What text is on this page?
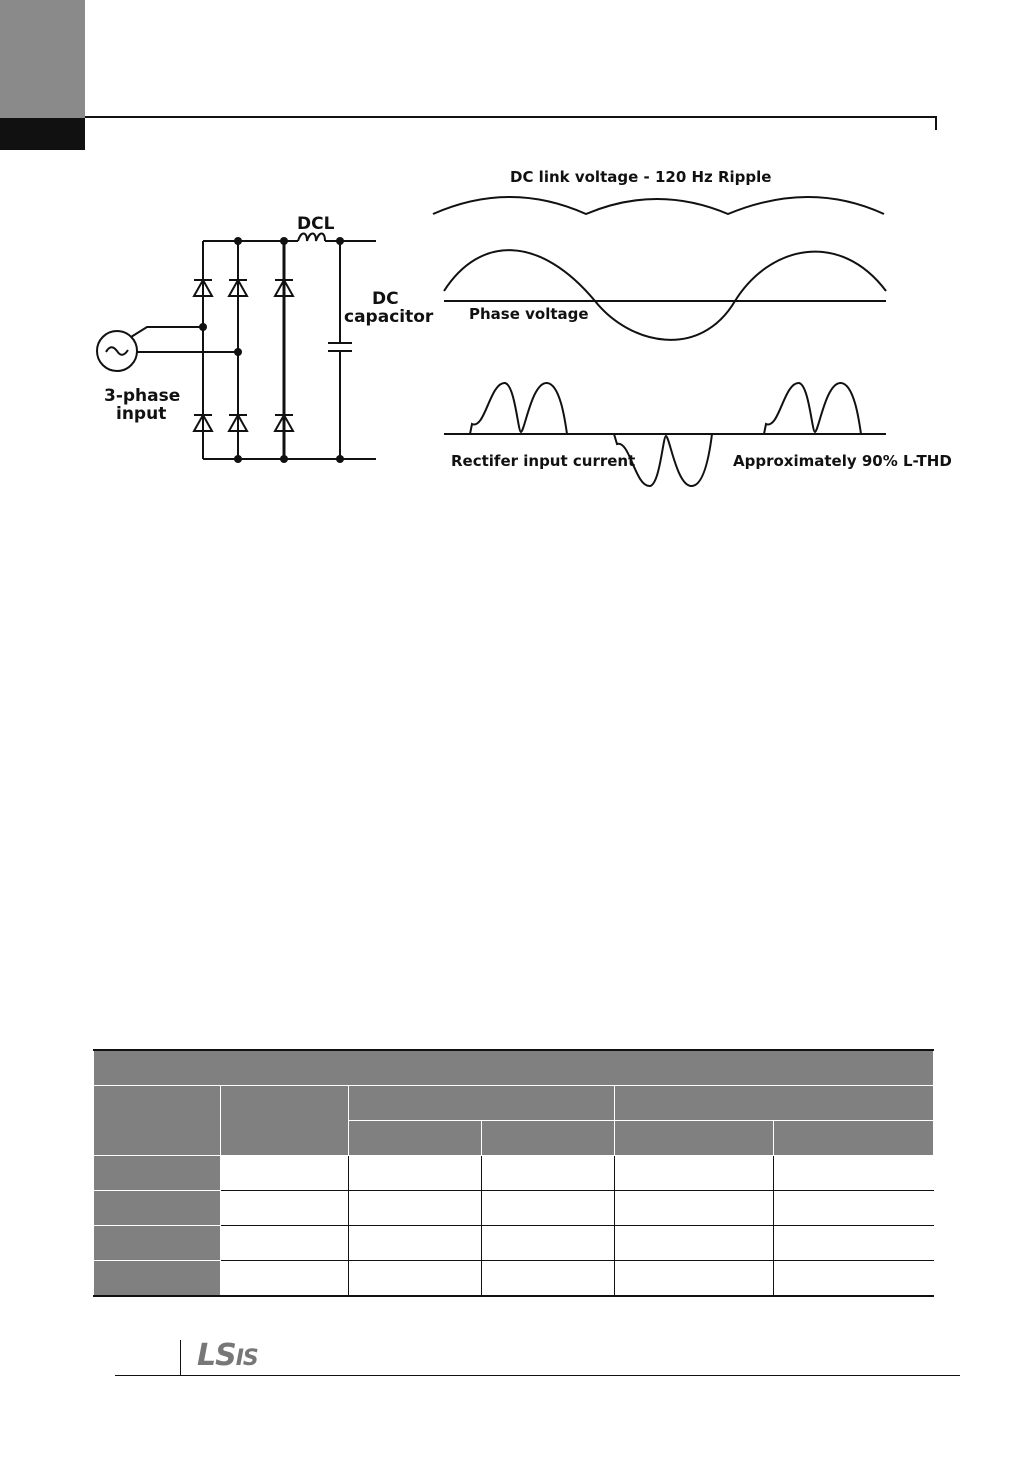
DC link voltage - 120 Hz Ripple
DCL
DC
capacitor
3-phase
input
Phase voltage
Rectifer input current	Approximately 90% L-THD

LSIS
